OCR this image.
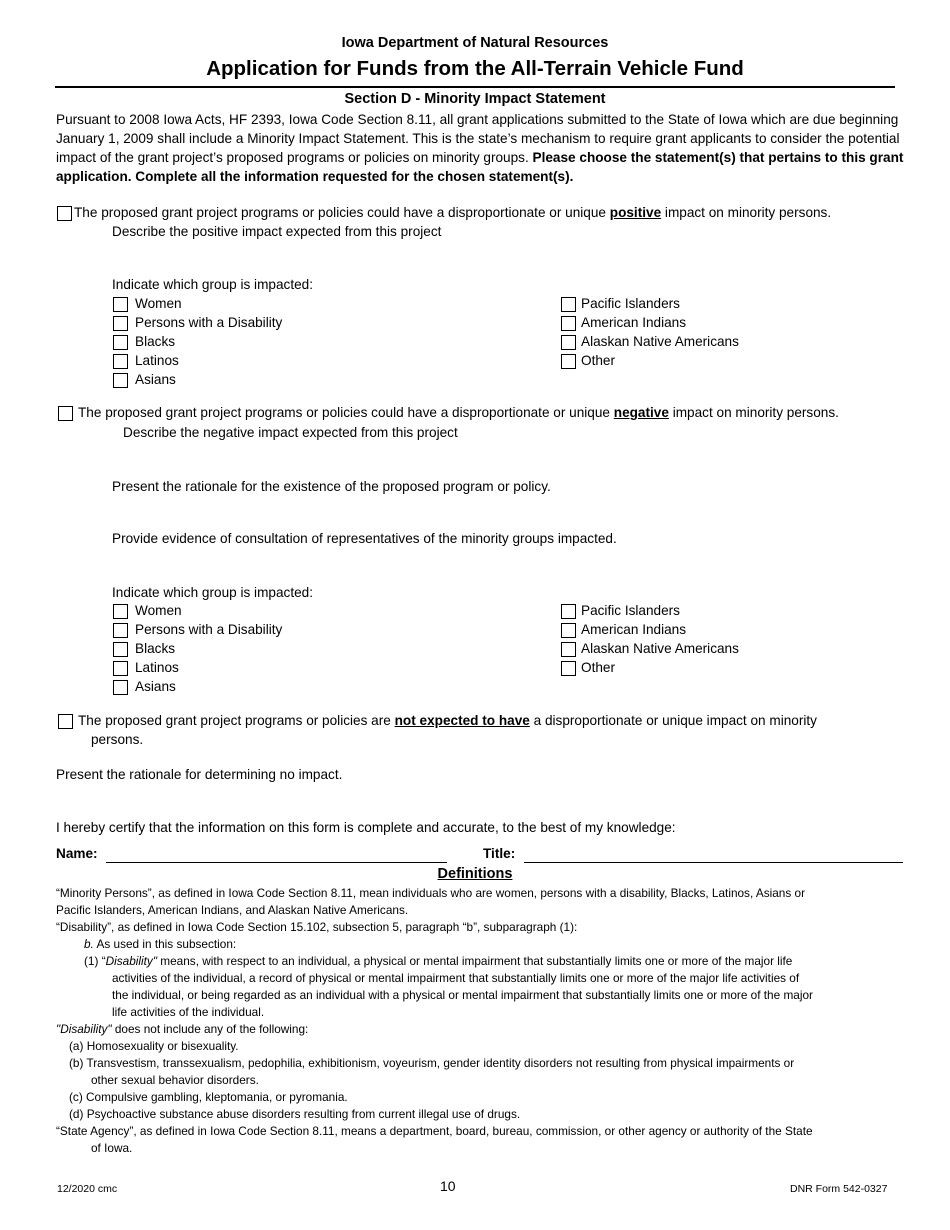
Iowa Department of Natural Resources
Application for Funds from the All-Terrain Vehicle Fund
Section D - Minority Impact Statement
Pursuant to 2008 Iowa Acts, HF 2393, Iowa Code Section 8.11, all grant applications submitted to the State of Iowa which are due beginning January 1, 2009 shall include a Minority Impact Statement. This is the state’s mechanism to require grant applicants to consider the potential impact of the grant project’s proposed programs or policies on minority groups. Please choose the statement(s) that pertains to this grant application. Complete all the information requested for the chosen statement(s).
The proposed grant project programs or policies could have a disproportionate or unique positive impact on minority persons.
Describe the positive impact expected from this project
Indicate which group is impacted:
Women
Persons with a Disability
Blacks
Latinos
Asians
Pacific Islanders
American Indians
Alaskan Native Americans
Other
The proposed grant project programs or policies could have a disproportionate or unique negative impact on minority persons.
Describe the negative impact expected from this project
Present the rationale for the existence of the proposed program or policy.
Provide evidence of consultation of representatives of the minority groups impacted.
Indicate which group is impacted:
Women
Persons with a Disability
Blacks
Latinos
Asians
Pacific Islanders
American Indians
Alaskan Native Americans
Other
The proposed grant project programs or policies are not expected to have a disproportionate or unique impact on minority
persons.
Present the rationale for determining no impact.
I hereby certify that the information on this form is complete and accurate, to the best of my knowledge:
Name:	Title:
Definitions
“Minority Persons”, as defined in Iowa Code Section 8.11, mean individuals who are women, persons with a disability, Blacks, Latinos, Asians or
Pacific Islanders, American Indians, and Alaskan Native Americans.
“Disability”, as defined in Iowa Code Section 15.102, subsection 5, paragraph “b”, subparagraph (1):
b. As used in this subsection:
(1) “Disability" means, with respect to an individual, a physical or mental impairment that substantially limits one or more of the major life
activities of the individual, a record of physical or mental impairment that substantially limits one or more of the major life activities of
the individual, or being regarded as an individual with a physical or mental impairment that substantially limits one or more of the major
life activities of the individual.
"Disability" does not include any of the following:
(a) Homosexuality or bisexuality.
(b) Transvestism, transsexualism, pedophilia, exhibitionism, voyeurism, gender identity disorders not resulting from physical impairments or
other sexual behavior disorders.
(c) Compulsive gambling, kleptomania, or pyromania.
(d) Psychoactive substance abuse disorders resulting from current illegal use of drugs.
“State Agency”, as defined in Iowa Code Section 8.11, means a department, board, bureau, commission, or other agency or authority of the State
of Iowa.
12/2020 cmc	10	DNR Form 542-0327
